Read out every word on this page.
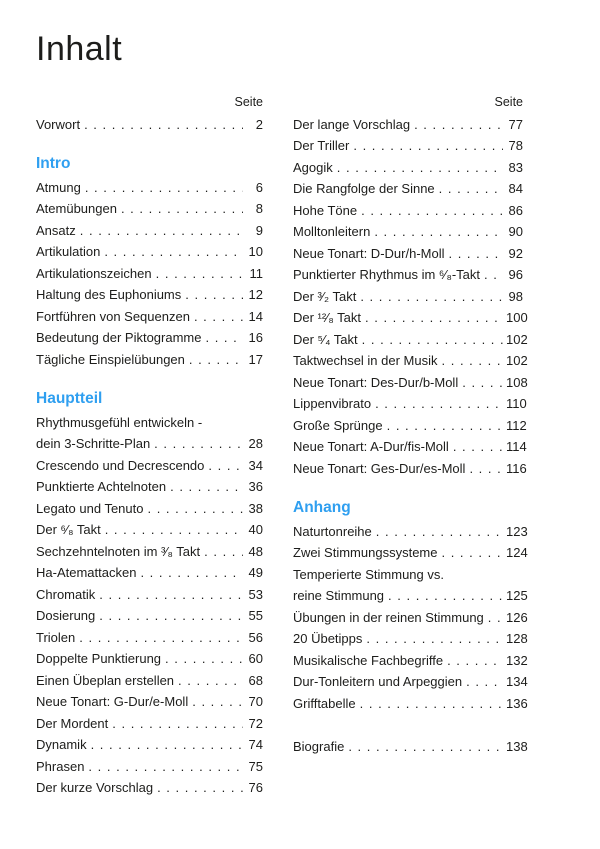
Inhalt
Seite
Vorwort . . .	2
Intro
Atmung . . .	6
Atemübungen . . .	8
Ansatz . . .	9
Artikulation . . .	10
Artikulationszeichen . . .	11
Haltung des Euphoniums . . .	12
Fortführen von Sequenzen . . .	14
Bedeutung der Piktogramme . . .	16
Tägliche Einspielübungen . . .	17
Hauptteil
Rhythmusgefühl entwickeln -
dein 3-Schritte-Plan . . .	28
Crescendo und Decrescendo . . .	34
Punktierte Achtelnoten . . .	36
Legato und Tenuto . . .	38
Der ⁶⁄₈ Takt . . .	40
Sechzehntelnoten im ³⁄₈ Takt . . .	48
Ha-Atemattacken . . .	49
Chromatik . . .	53
Dosierung . . .	55
Triolen . . .	56
Doppelte Punktierung . . .	60
Einen Übeplan erstellen . . .	68
Neue Tonart: G-Dur/e-Moll . . .	70
Der Mordent . . .	72
Dynamik . . .	74
Phrasen . . .	75
Der kurze Vorschlag . . .	76
Seite
Der lange Vorschlag . . .	77
Der Triller . . .	78
Agogik . . .	83
Die Rangfolge der Sinne . . .	84
Hohe Töne . . .	86
Molltonleitern . . .	90
Neue Tonart: D-Dur/h-Moll . . .	92
Punktierter Rhythmus im ⁶⁄₈-Takt . . . 96
Der ³⁄₂ Takt . . .	98
Der ¹²⁄₈ Takt . . .	100
Der ⁵⁄₄ Takt . . .	102
Taktwechsel in der Musik . . .	102
Neue Tonart: Des-Dur/b-Moll . . .	108
Lippenvibrato . . .	110
Große Sprünge . . .	112
Neue Tonart: A-Dur/fis-Moll . . .	114
Neue Tonart: Ges-Dur/es-Moll . . .	116
Anhang
Naturtonreihe . . .	123
Zwei Stimmungssysteme . . .	124
Temperierte Stimmung vs.
reine Stimmung . . .	125
Übungen in der reinen Stimmung . . . 126
20 Übetipps . . .	128
Musikalische Fachbegriffe . . .	132
Dur-Tonleitern und Arpeggien . . .	134
Grifftabelle . . .	136
Biografie . . .	138
